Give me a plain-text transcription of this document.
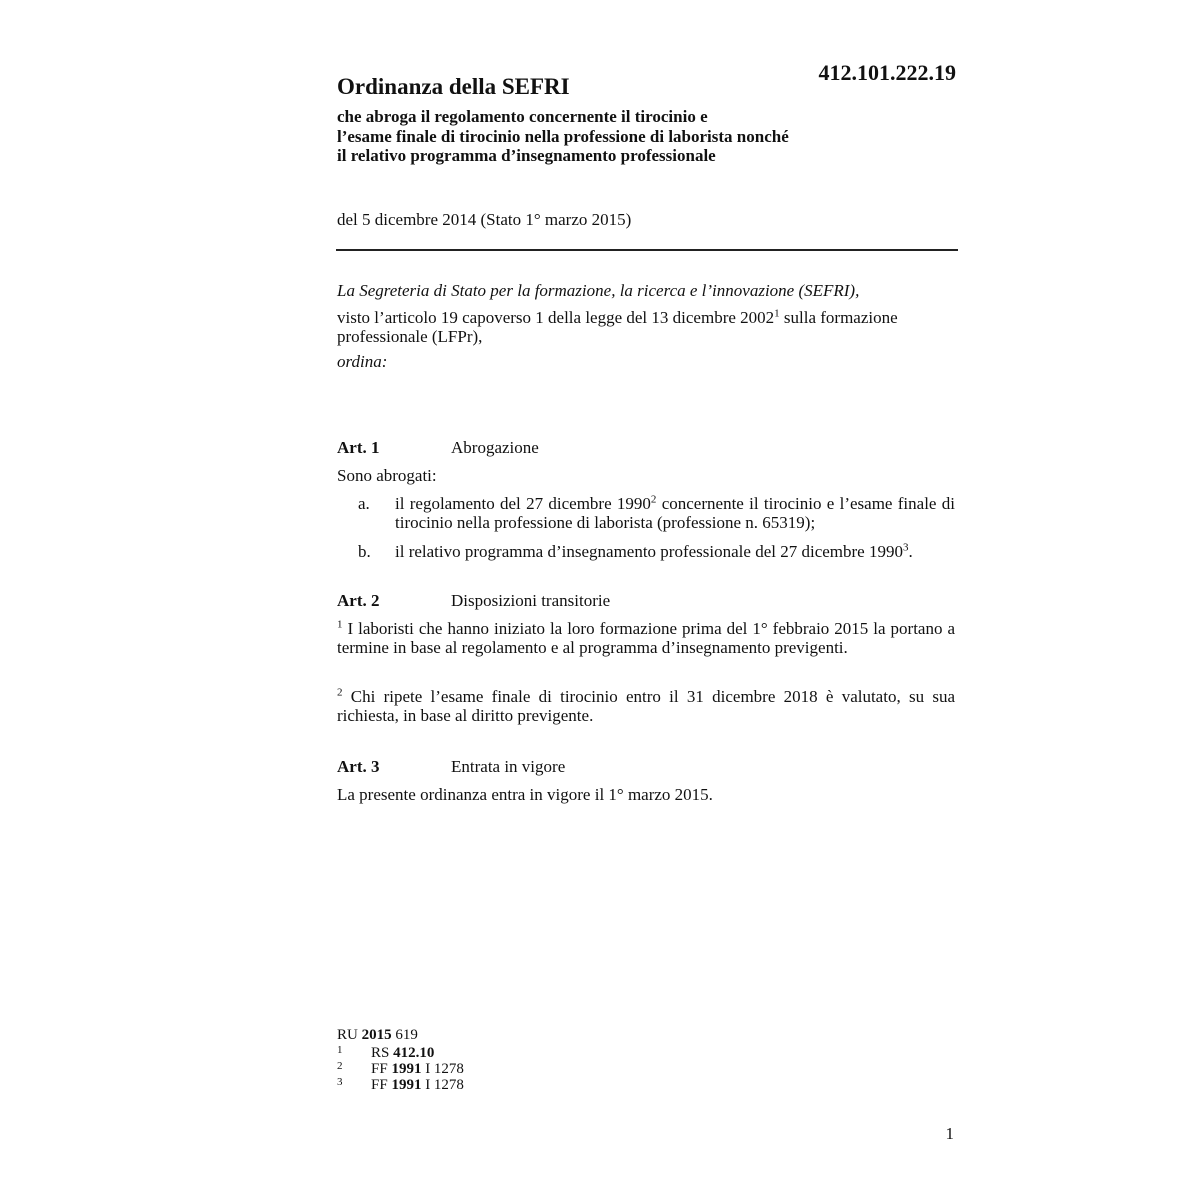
412.101.222.19
Ordinanza della SEFRI
che abroga il regolamento concernente il tirocinio e
l’esame finale di tirocinio nella professione di laborista nonché
il relativo programma d’insegnamento professionale
del 5 dicembre 2014 (Stato 1° marzo 2015)
La Segreteria di Stato per la formazione, la ricerca e l’innovazione (SEFRI),
visto l’articolo 19 capoverso 1 della legge del 13 dicembre 2002$^1$ sulla formazione professionale (LFPr),
ordina:
Art. 1	Abrogazione
Sono abrogati:
a. il regolamento del 27 dicembre 1990$^2$ concernente il tirocinio e l’esame finale di tirocinio nella professione di laborista (professione n. 65319);
b. il relativo programma d’insegnamento professionale del 27 dicembre 1990$^3$.
Art. 2	Disposizioni transitorie
$^1$ I laboristi che hanno iniziato la loro formazione prima del 1° febbraio 2015 la portano a termine in base al regolamento e al programma d’insegnamento previgenti.
$^2$ Chi ripete l’esame finale di tirocinio entro il 31 dicembre 2018 è valutato, su sua richiesta, in base al diritto previgente.
Art. 3	Entrata in vigore
La presente ordinanza entra in vigore il 1° marzo 2015.
RU 2015 619
1 RS 412.10
2 FF 1991 I 1278
3 FF 1991 I 1278
1
